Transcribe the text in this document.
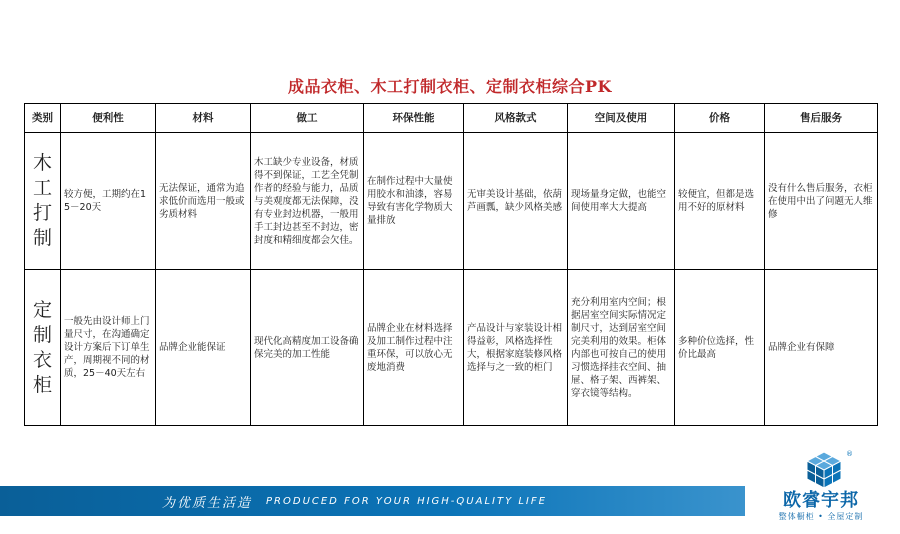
成品衣柜、木工打制衣柜、定制衣柜综合PK
类别	便利性	材料	做工	环保性能	风格款式	空间及使用	价格	售后服务

木
工
打
制	较方便，工期约在15－20天	无法保证，通常为追求低价而选用一般或劣质材料	木工缺少专业设备，材质得不到保证，工艺全凭制作者的经验与能力，品质与美观度都无法保障，没有专业封边机器，一般用手工封边甚至不封边，密封度和精细度都会欠佳。	在制作过程中大量使用胶水和油漆，容易导致有害化学物质大量排放	无审美设计基础，依葫芦画瓢，缺少风格美感	现场量身定做，也能空间使用率大大提高	较便宜，但都是选用不好的原材料	没有什么售后服务，衣柜在使用中出了问题无人维修

定
制
衣
柜	一般先由设计师上门量尺寸，在沟通确定设计方案后下订单生产，周期视不同的材质，25－40天左右	品牌企业能保证	现代化高精度加工设备确保完美的加工性能	品牌企业在材料选择及加工制作过程中注重环保，可以放心无废地消费	产品设计与家装设计相得益彰，风格选择性大，根据家庭装修风格选择与之一致的柜门	充分利用室内空间；根据居室空间实际情况定制尺寸，达到居室空间完美利用的效果。柜体内部也可按自己的使用习惯选择挂衣空间、抽屉、格子架、西裤架、穿衣镜等结构。	多种价位选择，性价比最高	品牌企业有保障
为优质生活造 PRODUCED FOR YOUR HIGH-QUALITY LIFE
®
欧睿宇邦
整体橱柜 • 全屋定制
